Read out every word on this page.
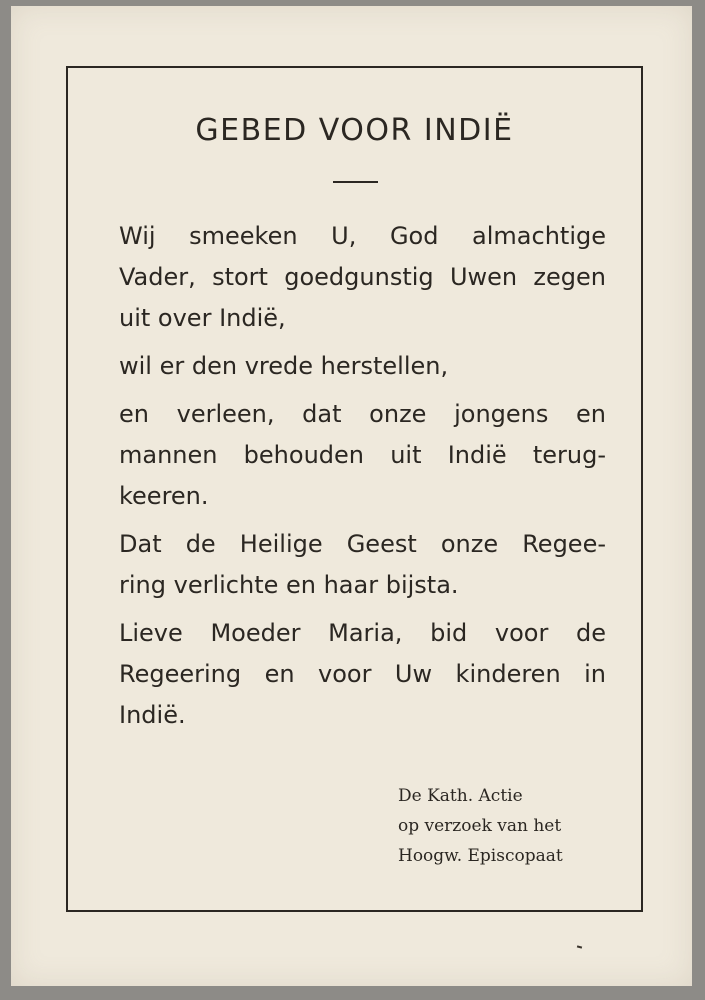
GEBED VOOR INDIË
Wij smeeken U, God almachtige
Vader, stort goedgunstig Uwen zegen
uit over Indië,
wil er den vrede herstellen,
en verleen, dat onze jongens en
mannen behouden uit Indië terug-
keeren.
Dat de Heilige Geest onze Regee-
ring verlichte en haar bijsta.
Lieve Moeder Maria, bid voor de
Regeering en voor Uw kinderen in
Indië.
De Kath. Actie
op verzoek van het
Hoogw. Episcopaat
